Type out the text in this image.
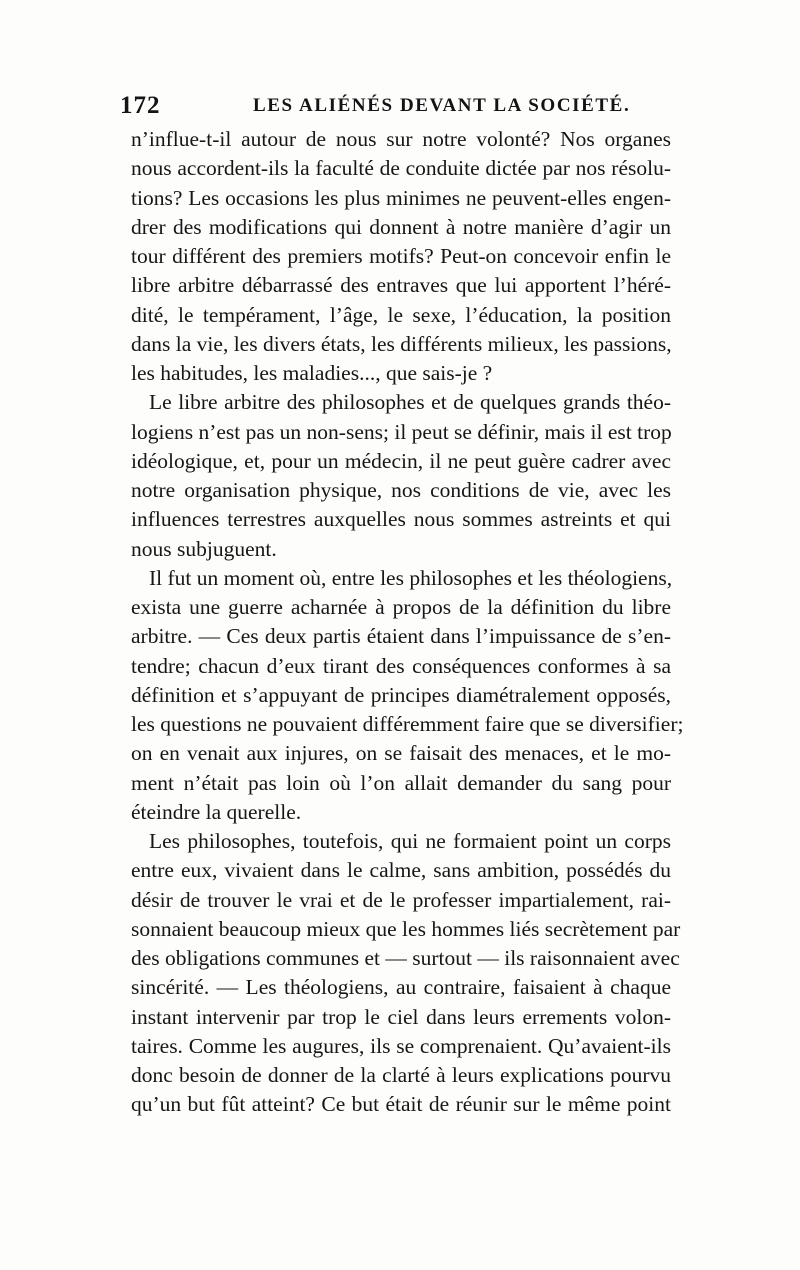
172	LES ALIÉNÉS DEVANT LA SOCIÉTÉ.
n’influe-t-il autour de nous sur notre volonté? Nos organes
nous accordent-ils la faculté de conduite dictée par nos résolu-
tions? Les occasions les plus minimes ne peuvent-elles engen-
drer des modifications qui donnent à notre manière d’agir un
tour différent des premiers motifs? Peut-on concevoir enfin le
libre arbitre débarrassé des entraves que lui apportent l’héré-
dité, le tempérament, l’âge, le sexe, l’éducation, la position
dans la vie, les divers états, les différents milieux, les passions,
les habitudes, les maladies..., que sais-je ?
Le libre arbitre des philosophes et de quelques grands théo-
logiens n’est pas un non-sens; il peut se définir, mais il est trop
idéologique, et, pour un médecin, il ne peut guère cadrer avec
notre organisation physique, nos conditions de vie, avec les
influences terrestres auxquelles nous sommes astreints et qui
nous subjuguent.
Il fut un moment où, entre les philosophes et les théologiens,
exista une guerre acharnée à propos de la définition du libre
arbitre. — Ces deux partis étaient dans l’impuissance de s’en-
tendre; chacun d’eux tirant des conséquences conformes à sa
définition et s’appuyant de principes diamétralement opposés,
les questions ne pouvaient différemment faire que se diversifier;
on en venait aux injures, on se faisait des menaces, et le mo-
ment n’était pas loin où l’on allait demander du sang pour
éteindre la querelle.
Les philosophes, toutefois, qui ne formaient point un corps
entre eux, vivaient dans le calme, sans ambition, possédés du
désir de trouver le vrai et de le professer impartialement, rai-
sonnaient beaucoup mieux que les hommes liés secrètement par
des obligations communes et — surtout — ils raisonnaient avec
sincérité. — Les théologiens, au contraire, faisaient à chaque
instant intervenir par trop le ciel dans leurs errements volon-
taires. Comme les augures, ils se comprenaient. Qu’avaient-ils
donc besoin de donner de la clarté à leurs explications pourvu
qu’un but fût atteint? Ce but était de réunir sur le même point
